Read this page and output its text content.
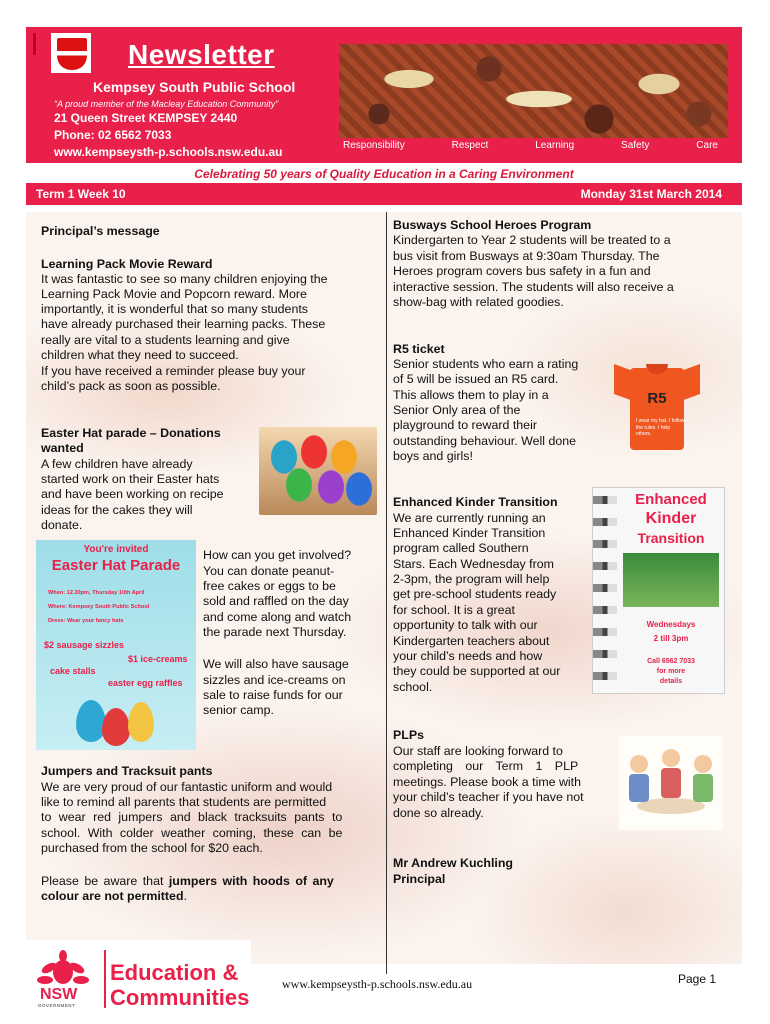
Newsletter
Kempsey South Public School
“A proud member of the Macleay Education Community”
21 Queen Street KEMPSEY 2440
Phone: 02 6562 7033
www.kempseysth-p.schools.nsw.edu.au	Responsibility	Respect	Learning	Safety	Care
Celebrating 50 years of Quality Education in a Caring Environment
Term 1 Week 10	Monday 31st March 2014
Principal’s message
Learning Pack Movie Reward
It was fantastic to see so many children enjoying the
Learning Pack Movie and Popcorn reward. More
importantly, it is wonderful that so many students
have already purchased their learning packs. These
really are vital to a students learning and give
children what they need to succeed.
If you have received a reminder please buy your
child’s pack as soon as possible.
Easter Hat parade – Donations
wanted
A few children have already
started work on their Easter hats
and have been working on recipe
ideas for the cakes they will
donate.
You're invited
Easter Hat Parade
When: 12.30pm, Thursday 10th April
Where: Kempsey South Public School
Dress: Wear your fancy hats
$2 sausage sizzles
$1 ice-creams
cake stalls
easter egg raffles
How can you get involved?
You can donate peanut-
free cakes or eggs to be
sold and raffled on the day
and come along and watch
the parade next Thursday.
We will also have sausage
sizzles and ice-creams on
sale to raise funds for our
senior camp.
Jumpers and Tracksuit pants
We are very proud of our fantastic uniform and would
like to remind all parents that students are permitted
to wear red jumpers and black tracksuits pants to
school. With colder weather coming, these can be
purchased from the school for $20 each.
Please be aware that jumpers with hoods of any
colour are not permitted.
Busways School Heroes Program
Kindergarten to Year 2 students will be treated to a
bus visit from Busways at 9:30am Thursday. The
Heroes program covers bus safety in a fun and
interactive session. The students will also receive a
show-bag with related goodies.
R5 ticket
Senior students who earn a rating
of 5 will be issued an R5 card.
This allows them to play in a
Senior Only area of the
playground to reward their
outstanding behaviour. Well done
boys and girls!
R5
I wear my hat. I follow the rules. I help others.
Enhanced Kinder Transition
We are currently running an
Enhanced Kinder Transition
program called Southern
Stars. Each Wednesday from
2-3pm, the program will help
get pre-school students ready
for school. It is a great
opportunity to talk with our
Kindergarten teachers about
your child’s needs and how
they could be supported at our
school.
Enhanced
Kinder
Transition
Wednesdays
2 till 3pm
Call 6562 7033
for more
details
PLPs
Our staff are looking forward to
completing our Term 1 PLP
meetings. Please book a time with
your child’s teacher if you have not
done so already.
Mr Andrew Kuchling
Principal
NSW
GOVERNMENT
Education &
Communities
www.kempseysth-p.schools.nsw.edu.au	Page 1
